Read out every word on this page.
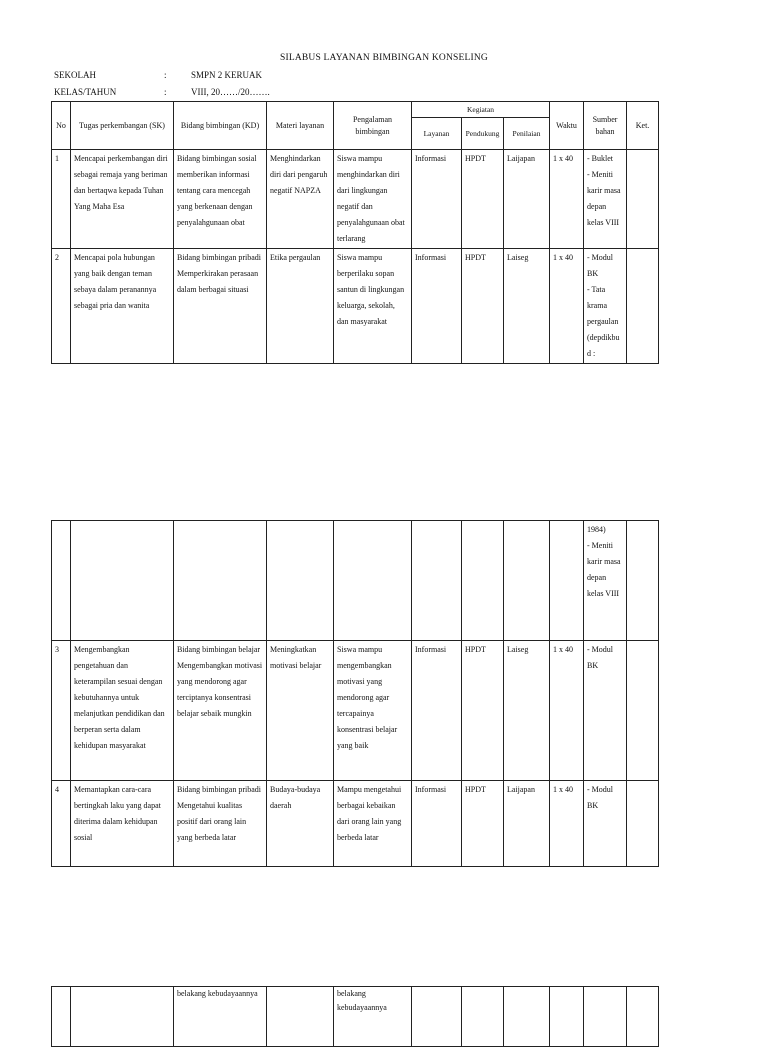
SILABUS LAYANAN BIMBINGAN KONSELING
SEKOLAH	:	SMPN 2 KERUAK
KELAS/TAHUN	:	VIII, 20……/20…….
No	Tugas perkembangan (SK)	Bidang bimbingan (KD)	Materi layanan	Pengalaman bimbingan	Kegiatan			Waktu	Sumber bahan	Ket.
					Layanan	Pendukung	Penilaian			
1	Mencapai perkembangan diri sebagai remaja yang beriman dan bertaqwa kepada Tuhan Yang Maha Esa	Bidang bimbingan sosial memberikan informasi tentang cara mencegah yang berkenaan dengan penyalahgunaan obat	Menghindarkan diri dari pengaruh negatif NAPZA	Siswa mampu menghindarkan diri dari lingkungan negatif dan penyalahgunaan obat terlarang	Informasi	HPDT	Laijapan	1 x 40	- Buklet
- Meniti karir masa depan kelas VIII	
2	Mencapai pola hubungan yang baik dengan teman sebaya dalam peranannya sebagai pria dan wanita	Bidang bimbingan pribadi
Memperkirakan perasaan dalam berbagai situasi	Etika pergaulan	Siswa mampu berperilaku sopan santun di lingkungan keluarga, sekolah, dan masyarakat	Informasi	HPDT	Laiseg	1 x 40	- Modul BK
- Tata krama pergaulan (depdikbud :	
									1984)
- Meniti karir masa depan kelas VIII	
3	Mengembangkan pengetahuan dan keterampilan sesuai dengan kebutuhannya untuk melanjutkan pendidikan dan berperan serta dalam kehidupan masyarakat	Bidang bimbingan belajar
Mengembangkan motivasi yang mendorong agar terciptanya konsentrasi belajar sebaik mungkin	Meningkatkan motivasi belajar	Siswa mampu mengembangkan motivasi yang mendorong agar tercapainya konsentrasi belajar yang baik	Informasi	HPDT	Laiseg	1 x 40	- Modul BK	
4	Memantapkan cara-cara bertingkah laku yang dapat diterima dalam kehidupan sosial	Bidang bimbingan pribadi
Mengetahui kualitas positif dari orang lain yang berbeda latar	Budaya-budaya daerah	Mampu mengetahui berbagai kebaikan dari orang lain yang berbeda latar	Informasi	HPDT	Laijapan	1 x 40	- Modul BK	
		belakang kebudayaannya		belakang kebudayaannya						
